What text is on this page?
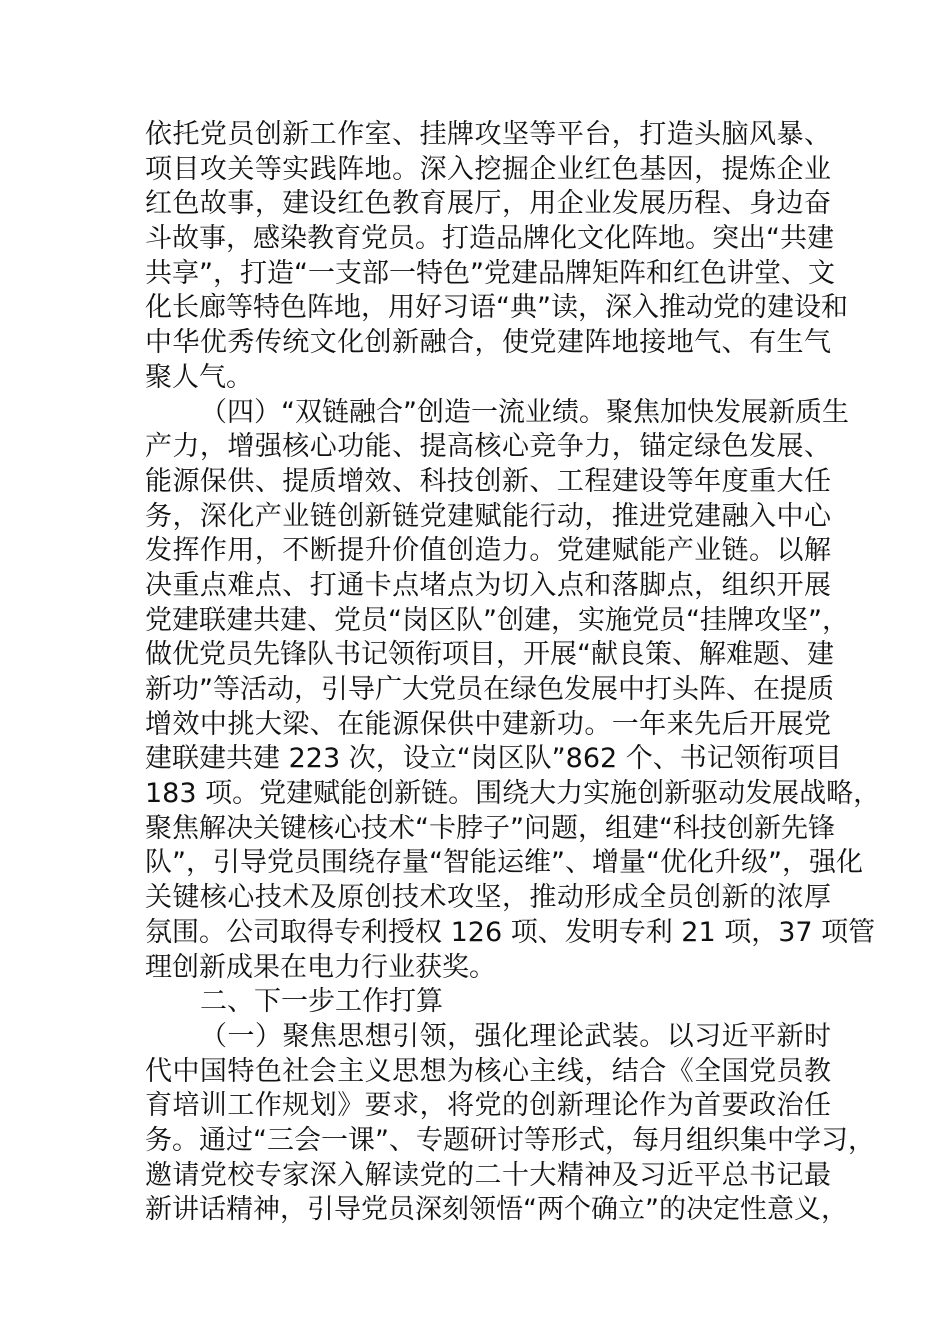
依托党员创新工作室、挂牌攻坚等平台，打造头脑风暴、
项目攻关等实践阵地。深入挖掘企业红色基因，提炼企业
红色故事，建设红色教育展厅，用企业发展历程、身边奋
斗故事，感染教育党员。打造品牌化文化阵地。突出“共建
共享”，打造“一支部一特色”党建品牌矩阵和红色讲堂、文
化长廊等特色阵地，用好习语“典”读，深入推动党的建设和
中华优秀传统文化创新融合，使党建阵地接地气、有生气
聚人气。
（四）“双链融合”创造一流业绩。聚焦加快发展新质生
产力，增强核心功能、提高核心竞争力，锚定绿色发展、
能源保供、提质增效、科技创新、工程建设等年度重大任
务，深化产业链创新链党建赋能行动，推进党建融入中心
发挥作用，不断提升价值创造力。党建赋能产业链。以解
决重点难点、打通卡点堵点为切入点和落脚点，组织开展
党建联建共建、党员“岗区队”创建，实施党员“挂牌攻坚”，
做优党员先锋队书记领衔项目，开展“献良策、解难题、建
新功”等活动，引导广大党员在绿色发展中打头阵、在提质
增效中挑大梁、在能源保供中建新功。一年来先后开展党
建联建共建 223 次，设立“岗区队”862 个、书记领衔项目
183 项。党建赋能创新链。围绕大力实施创新驱动发展战略，
聚焦解决关键核心技术“卡脖子”问题，组建“科技创新先锋
队”，引导党员围绕存量“智能运维”、增量“优化升级”，强化
关键核心技术及原创技术攻坚，推动形成全员创新的浓厚
氛围。公司取得专利授权 126 项、发明专利 21 项，37 项管
理创新成果在电力行业获奖。
二、下一步工作打算
（一）聚焦思想引领，强化理论武装。以习近平新时
代中国特色社会主义思想为核心主线，结合《全国党员教
育培训工作规划》要求，将党的创新理论作为首要政治任
务。通过“三会一课”、专题研讨等形式，每月组织集中学习，
邀请党校专家深入解读党的二十大精神及习近平总书记最
新讲话精神，引导党员深刻领悟“两个确立”的决定性意义，
